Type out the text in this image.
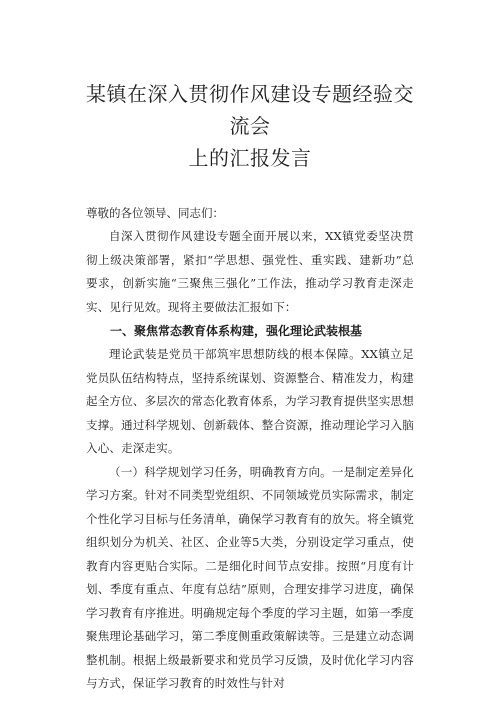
某镇在深入贯彻作风建设专题经验交流会
上的汇报发言
尊敬的各位领导、同志们：

自深入贯彻作风建设专题全面开展以来，XX镇党委坚决贯彻上级决策部署，紧扣“学思想、强党性、重实践、建新功”总要求，创新实施“三聚焦三强化”工作法，推动学习教育走深走实、见行见效。现将主要做法汇报如下：

一、聚焦常态教育体系构建，强化理论武装根基

理论武装是党员干部筑牢思想防线的根本保障。XX镇立足党员队伍结构特点，坚持系统谋划、资源整合、精准发力，构建起全方位、多层次的常态化教育体系，为学习教育提供坚实思想支撑。通过科学规划、创新载体、整合资源，推动理论学习入脑入心、走深走实。

（一）科学规划学习任务，明确教育方向。一是制定差异化学习方案。针对不同类型党组织、不同领域党员实际需求，制定个性化学习目标与任务清单，确保学习教育有的放矢。将全镇党组织划分为机关、社区、企业等5大类，分别设定学习重点，使教育内容更贴合实际。二是细化时间节点安排。按照“月度有计划、季度有重点、年度有总结”原则，合理安排学习进度，确保学习教育有序推进。明确规定每个季度的学习主题，如第一季度聚焦理论基础学习，第二季度侧重政策解读等。三是建立动态调整机制。根据上级最新要求和党员学习反馈，及时优化学习内容与方式，保证学习教育的时效性与针对
